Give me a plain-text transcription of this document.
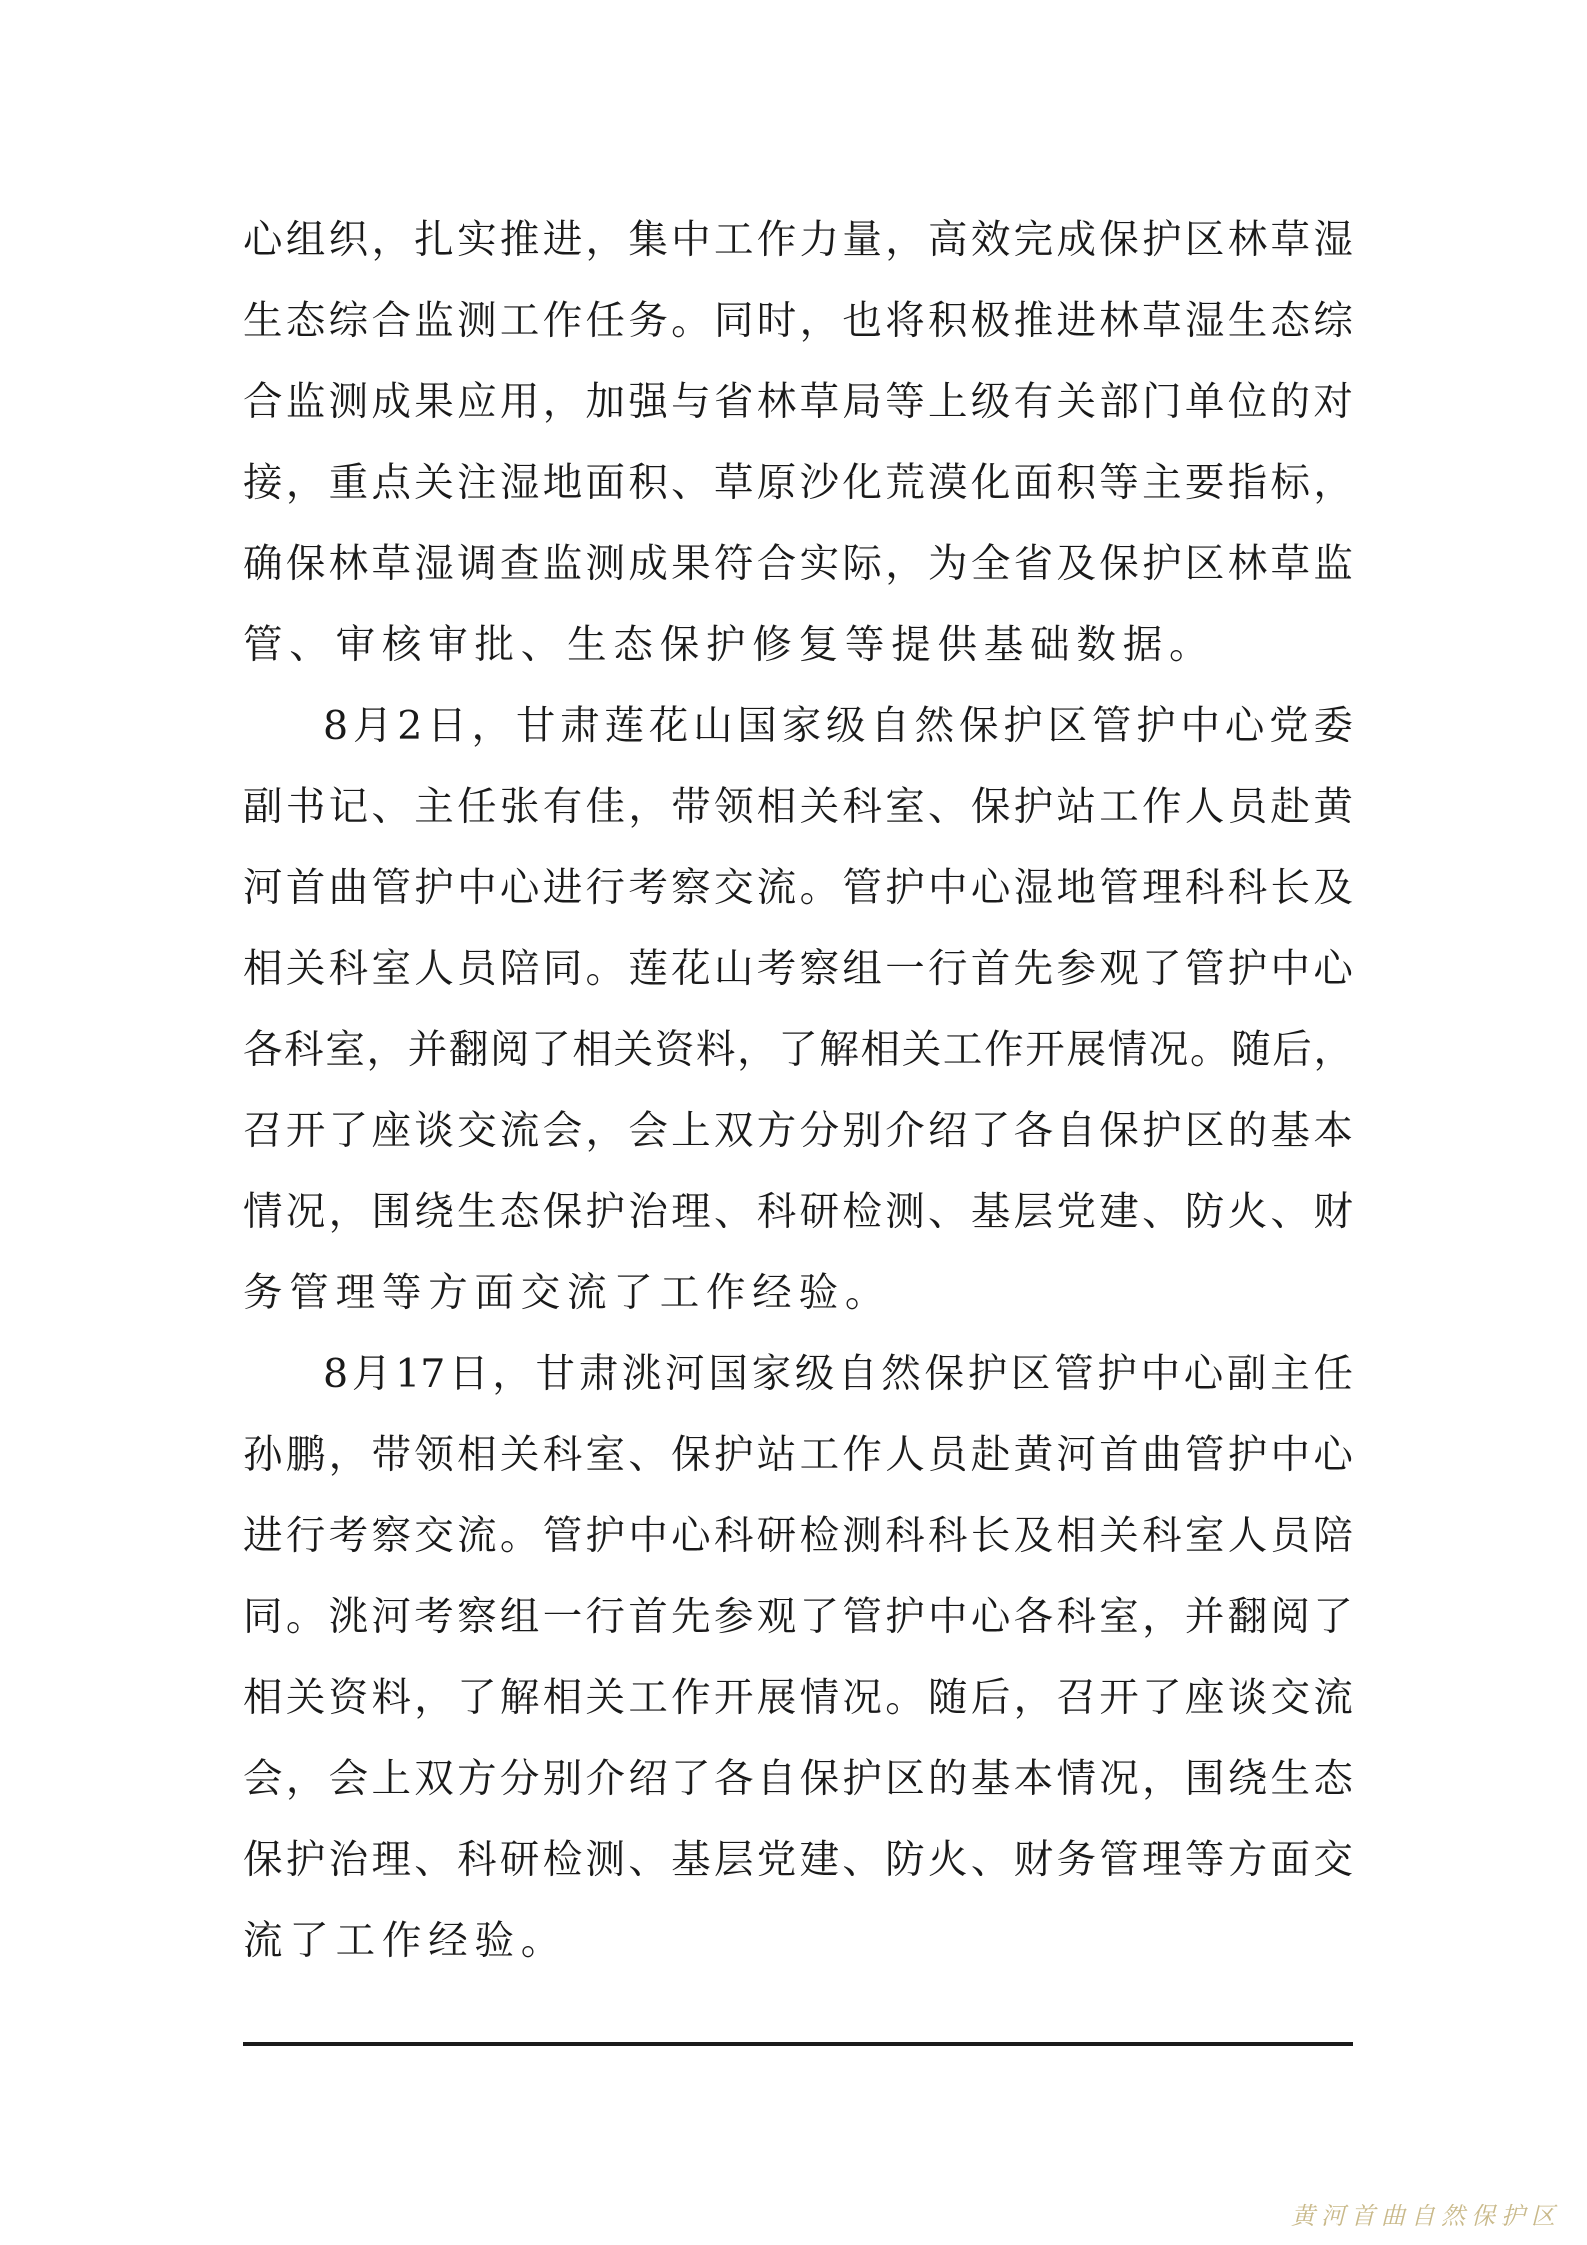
心 组 织 ， 扎 实 推 进 ， 集 中 工 作 力 量 ， 高 效 完 成 保 护 区 林 草 湿
生 态 综 合 监 测 工 作 任 务 。 同 时 ， 也 将 积 极 推 进 林 草 湿 生 态 综
合 监 测 成 果 应 用 ， 加 强 与 省 林 草 局 等 上 级 有 关 部 门 单 位 的 对
接 ， 重 点 关 注 湿 地 面 积 、 草 原 沙 化 荒 漠 化 面 积 等 主 要 指 标 ，
确 保 林 草 湿 调 查 监 测 成 果 符 合 实 际 ， 为 全 省 及 保 护 区 林 草 监
管、审核审批、生态保护修复等提供基础数据。
8 月 2 日 ， 甘 肃 莲 花 山 国 家 级 自 然 保 护 区 管 护 中 心 党 委
副 书 记 、 主 任 张 有 佳 ， 带 领 相 关 科 室 、 保 护 站 工 作 人 员 赴 黄
河 首 曲 管 护 中 心 进 行 考 察 交 流 。 管 护 中 心 湿 地 管 理 科 科 长 及
相 关 科 室 人 员 陪 同 。 莲 花 山 考 察 组 一 行 首 先 参 观 了 管 护 中 心
各 科 室 ， 并 翻 阅 了 相 关 资 料 ， 了 解 相 关 工 作 开 展 情 况 。 随 后 ，
召 开 了 座 谈 交 流 会 ， 会 上 双 方 分 别 介 绍 了 各 自 保 护 区 的 基 本
情 况 ， 围 绕 生 态 保 护 治 理 、 科 研 检 测 、 基 层 党 建 、 防 火 、 财
务管理等方面交流了工作经验。
8 月 17 日 ， 甘 肃 洮 河 国 家 级 自 然 保 护 区 管 护 中 心 副 主 任
孙 鹏 ， 带 领 相 关 科 室 、 保 护 站 工 作 人 员 赴 黄 河 首 曲 管 护 中 心
进 行 考 察 交 流 。 管 护 中 心 科 研 检 测 科 科 长 及 相 关 科 室 人 员 陪
同 。 洮 河 考 察 组 一 行 首 先 参 观 了 管 护 中 心 各 科 室 ， 并 翻 阅 了
相 关 资 料 ， 了 解 相 关 工 作 开 展 情 况 。 随 后 ， 召 开 了 座 谈 交 流
会 ， 会 上 双 方 分 别 介 绍 了 各 自 保 护 区 的 基 本 情 况 ， 围 绕 生 态
保 护 治 理 、 科 研 检 测 、 基 层 党 建 、 防 火 、 财 务 管 理 等 方 面 交
流了工作经验。
黄河首曲自然保护区
